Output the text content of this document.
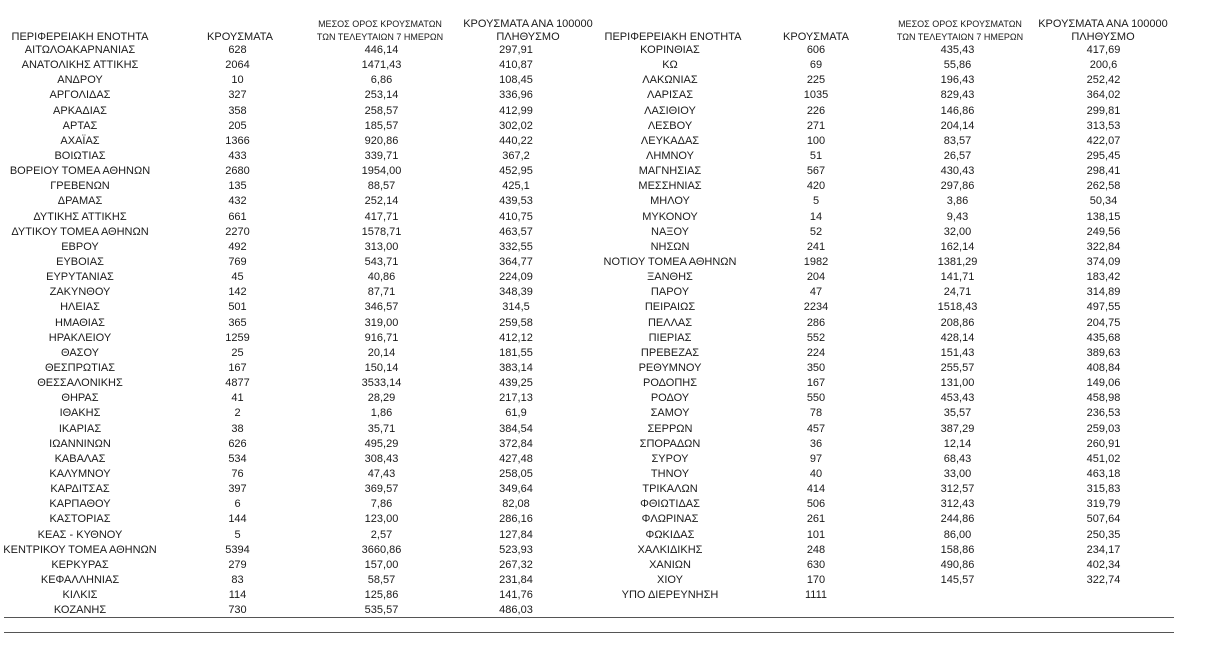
ΠΕΡΙΦΕΡΕΙΑΚΗ ΕΝΟΤΗΤΑ	ΚΡΟΥΣΜΑΤΑ
ΜΕΣΟΣ ΟΡΟΣ ΚΡΟΥΣΜΑΤΩΝ
ΤΩΝ ΤΕΛΕΥΤΑΙΩΝ 7 ΗΜΕΡΩΝ
ΚΡΟΥΣΜΑΤΑ ΑΝΑ 100000
ΠΛΗΘΥΣΜΟ
ΑΙΤΩΛΟΑΚΑΡΝΑΝΙΑΣ	628	446,14	297,91
ΑΝΑΤΟΛΙΚΗΣ ΑΤΤΙΚΗΣ	2064	1471,43	410,87
ΑΝΔΡΟΥ	10	6,86	108,45
ΑΡΓΟΛΙΔΑΣ	327	253,14	336,96
ΑΡΚΑΔΙΑΣ	358	258,57	412,99
ΑΡΤΑΣ	205	185,57	302,02
ΑΧΑΪΑΣ	1366	920,86	440,22
ΒΟΙΩΤΙΑΣ	433	339,71	367,2
ΒΟΡΕΙΟΥ ΤΟΜΕΑ ΑΘΗΝΩΝ	2680	1954,00	452,95
ΓΡΕΒΕΝΩΝ	135	88,57	425,1
ΔΡΑΜΑΣ	432	252,14	439,53
ΔΥΤΙΚΗΣ ΑΤΤΙΚΗΣ	661	417,71	410,75
ΔΥΤΙΚΟΥ ΤΟΜΕΑ ΑΘΗΝΩΝ	2270	1578,71	463,57
ΕΒΡΟΥ	492	313,00	332,55
ΕΥΒΟΙΑΣ	769	543,71	364,77
ΕΥΡΥΤΑΝΙΑΣ	45	40,86	224,09
ΖΑΚΥΝΘΟΥ	142	87,71	348,39
ΗΛΕΙΑΣ	501	346,57	314,5
ΗΜΑΘΙΑΣ	365	319,00	259,58
ΗΡΑΚΛΕΙΟΥ	1259	916,71	412,12
ΘΑΣΟΥ	25	20,14	181,55
ΘΕΣΠΡΩΤΙΑΣ	167	150,14	383,14
ΘΕΣΣΑΛΟΝΙΚΗΣ	4877	3533,14	439,25
ΘΗΡΑΣ	41	28,29	217,13
ΙΘΑΚΗΣ	2	1,86	61,9
ΙΚΑΡΙΑΣ	38	35,71	384,54
ΙΩΑΝΝΙΝΩΝ	626	495,29	372,84
ΚΑΒΑΛΑΣ	534	308,43	427,48
ΚΑΛΥΜΝΟΥ	76	47,43	258,05
ΚΑΡΔΙΤΣΑΣ	397	369,57	349,64
ΚΑΡΠΑΘΟΥ	6	7,86	82,08
ΚΑΣΤΟΡΙΑΣ	144	123,00	286,16
ΚΕΑΣ - ΚΥΘΝΟΥ	5	2,57	127,84
ΚΕΝΤΡΙΚΟΥ ΤΟΜΕΑ ΑΘΗΝΩΝ	5394	3660,86	523,93
ΚΕΡΚΥΡΑΣ	279	157,00	267,32
ΚΕΦΑΛΛΗΝΙΑΣ	83	58,57	231,84
ΚΙΛΚΙΣ	114	125,86	141,76
ΚΟΖΑΝΗΣ	730	535,57	486,03
ΠΕΡΙΦΕΡΕΙΑΚΗ ΕΝΟΤΗΤΑ	ΚΡΟΥΣΜΑΤΑ
ΜΕΣΟΣ ΟΡΟΣ ΚΡΟΥΣΜΑΤΩΝ
ΤΩΝ ΤΕΛΕΥΤΑΙΩΝ 7 ΗΜΕΡΩΝ
ΚΡΟΥΣΜΑΤΑ ΑΝΑ 100000
ΠΛΗΘΥΣΜΟ
ΚΟΡΙΝΘΙΑΣ	606	435,43	417,69
ΚΩ	69	55,86	200,6
ΛΑΚΩΝΙΑΣ	225	196,43	252,42
ΛΑΡΙΣΑΣ	1035	829,43	364,02
ΛΑΣΙΘΙΟΥ	226	146,86	299,81
ΛΕΣΒΟΥ	271	204,14	313,53
ΛΕΥΚΑΔΑΣ	100	83,57	422,07
ΛΗΜΝΟΥ	51	26,57	295,45
ΜΑΓΝΗΣΙΑΣ	567	430,43	298,41
ΜΕΣΣΗΝΙΑΣ	420	297,86	262,58
ΜΗΛΟΥ	5	3,86	50,34
ΜΥΚΟΝΟΥ	14	9,43	138,15
ΝΑΞΟΥ	52	32,00	249,56
ΝΗΣΩΝ	241	162,14	322,84
ΝΟΤΙΟΥ ΤΟΜΕΑ ΑΘΗΝΩΝ	1982	1381,29	374,09
ΞΑΝΘΗΣ	204	141,71	183,42
ΠΑΡΟΥ	47	24,71	314,89
ΠΕΙΡΑΙΩΣ	2234	1518,43	497,55
ΠΕΛΛΑΣ	286	208,86	204,75
ΠΙΕΡΙΑΣ	552	428,14	435,68
ΠΡΕΒΕΖΑΣ	224	151,43	389,63
ΡΕΘΥΜΝΟΥ	350	255,57	408,84
ΡΟΔΟΠΗΣ	167	131,00	149,06
ΡΟΔΟΥ	550	453,43	458,98
ΣΑΜΟΥ	78	35,57	236,53
ΣΕΡΡΩΝ	457	387,29	259,03
ΣΠΟΡΑΔΩΝ	36	12,14	260,91
ΣΥΡΟΥ	97	68,43	451,02
ΤΗΝΟΥ	40	33,00	463,18
ΤΡΙΚΑΛΩΝ	414	312,57	315,83
ΦΘΙΩΤΙΔΑΣ	506	312,43	319,79
ΦΛΩΡΙΝΑΣ	261	244,86	507,64
ΦΩΚΙΔΑΣ	101	86,00	250,35
ΧΑΛΚΙΔΙΚΗΣ	248	158,86	234,17
ΧΑΝΙΩΝ	630	490,86	402,34
ΧΙΟΥ	170	145,57	322,74
ΥΠΟ ΔΙΕΡΕΥΝΗΣΗ	1111		
